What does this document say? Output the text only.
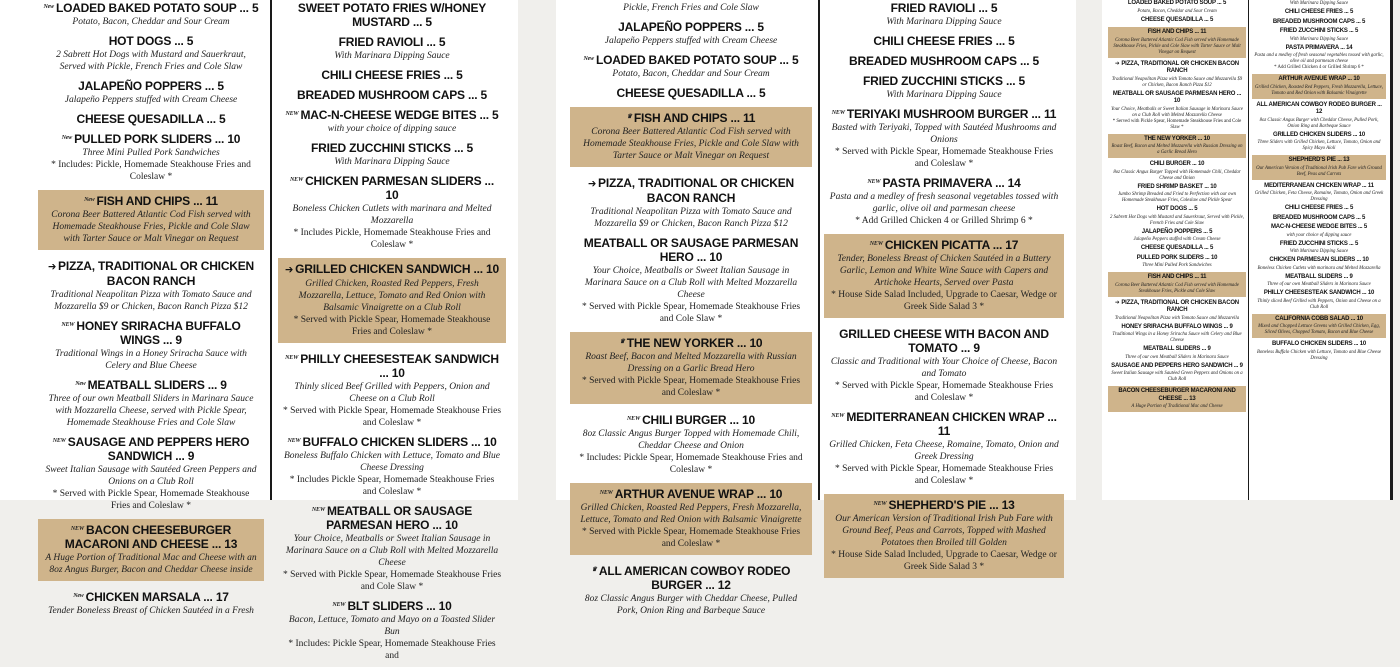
New LOADED BAKED POTATO SOUP ... 5
Potato, Bacon, Cheddar and Sour Cream
HOT DOGS ... 5
2 Sabrett Hot Dogs with Mustard and Sauerkraut, Served with Pickle, French Fries and Cole Slaw
JALAPEÑO POPPERS ... 5
Jalapeño Peppers stuffed with Cream Cheese
CHEESE QUESADILLA ... 5
New PULLED PORK SLIDERS ... 10
Three Mini Pulled Pork Sandwiches
* Includes: Pickle, Homemade Steakhouse Fries and Coleslaw *
New FISH AND CHIPS ... 11
Corona Beer Battered Atlantic Cod Fish served with Homemade Steakhouse Fries, Pickle and Cole Slaw with Tarter Sauce or Malt Vinegar on Request
➔ PIZZA, TRADITIONAL OR CHICKEN BACON RANCH
Traditional Neapolitan Pizza with Tomato Sauce and Mozzarella $9 or Chicken, Bacon Ranch Pizza $12
NEW HONEY SRIRACHA BUFFALO WINGS ... 9
Traditional Wings in a Honey Sriracha Sauce with Celery and Blue Cheese
New MEATBALL SLIDERS ... 9
Three of our own Meatball Sliders in Marinara Sauce with Mozzarella Cheese, served with Pickle Spear, Homemade Steakhouse Fries and Cole Slaw
NEW SAUSAGE AND PEPPERS HERO SANDWICH ... 9
Sweet Italian Sausage with Sautéed Green Peppers and Onions on a Club Roll
* Served with Pickle Spear, Homemade Steakhouse Fries and Coleslaw *
NEW BACON CHEESEBURGER MACARONI AND CHEESE ... 13
A Huge Portion of Traditional Mac and Cheese with an 8oz Angus Burger, Bacon and Cheddar Cheese inside
New CHICKEN MARSALA ... 17
Tender Boneless Breast of Chicken Sautéed in a Fresh
SWEET POTATO FRIES W/HONEY MUSTARD ... 5
FRIED RAVIOLI ... 5
With Marinara Dipping Sauce
CHILI CHEESE FRIES ... 5
BREADED MUSHROOM CAPS ... 5
NEW MAC-N-CHEESE WEDGE BITES ... 5
with your choice of dipping sauce
FRIED ZUCCHINI STICKS ... 5
With Marinara Dipping Sauce
NEW CHICKEN PARMESAN SLIDERS ... 10
Boneless Chicken Cutlets with marinara and Melted Mozzarella
* Includes Pickle, Homemade Steakhouse Fries and Coleslaw *
➔ GRILLED CHICKEN SANDWICH ... 10
Grilled Chicken, Roasted Red Peppers, Fresh Mozzarella, Lettuce, Tomato and Red Onion with Balsamic Vinaigrette on a Club Roll
* Served with Pickle Spear, Homemade Steakhouse Fries and Coleslaw *
NEW PHILLY CHEESESTEAK SANDWICH ... 10
Thinly sliced Beef Grilled with Peppers, Onion and Cheese on a Club Roll
* Served with Pickle Spear, Homemade Steakhouse Fries and Coleslaw *
NEW BUFFALO CHICKEN SLIDERS ... 10
Boneless Buffalo Chicken with Lettuce, Tomato and Blue Cheese Dressing
* Includes Pickle Spear, Homemade Steakhouse Fries and Coleslaw *
NEW MEATBALL OR SAUSAGE PARMESAN HERO ... 10
Your Choice, Meatballs or Sweet Italian Sausage in Marinara Sauce on a Club Roll with Melted Mozzarella Cheese
* Served with Pickle Spear, Homemade Steakhouse Fries and Cole Slaw *
NEW BLT SLIDERS ... 10
Bacon, Lettuce, Tomato and Mayo on a Toasted Slider Bun
* Includes: Pickle Spear, Homemade Steakhouse Fries and
Pickle, French Fries and Cole Slaw
JALAPEÑO POPPERS ... 5
Jalapeño Peppers stuffed with Cream Cheese
New LOADED BAKED POTATO SOUP ... 5
Potato, Bacon, Cheddar and Sour Cream
CHEESE QUESADILLA ... 5
♛ FISH AND CHIPS ... 11
Corona Beer Battered Atlantic Cod Fish served with Homemade Steakhouse Fries, Pickle and Cole Slaw with Tarter Sauce or Malt Vinegar on Request
➔ PIZZA, TRADITIONAL OR CHICKEN BACON RANCH
Traditional Neapolitan Pizza with Tomato Sauce and Mozzarella $9 or Chicken, Bacon Ranch Pizza $12
MEATBALL OR SAUSAGE PARMESAN HERO ... 10
Your Choice, Meatballs or Sweet Italian Sausage in Marinara Sauce on a Club Roll with Melted Mozzarella Cheese
* Served with Pickle Spear, Homemade Steakhouse Fries and Cole Slaw *
♛ THE NEW YORKER ... 10
Roast Beef, Bacon and Melted Mozzarella with Russian Dressing on a Garlic Bread Hero
* Served with Pickle Spear, Homemade Steakhouse Fries and Coleslaw *
NEW CHILI BURGER ... 10
8oz Classic Angus Burger Topped with Homemade Chili, Cheddar Cheese and Onion
* Includes: Pickle Spear, Homemade Steakhouse Fries and Coleslaw *
NEW ARTHUR AVENUE WRAP ... 10
Grilled Chicken, Roasted Red Peppers, Fresh Mozzarella, Lettuce, Tomato and Red Onion with Balsamic Vinaigrette
* Served with Pickle Spear, Homemade Steakhouse Fries and Coleslaw *
♛ ALL AMERICAN COWBOY RODEO BURGER ... 12
8oz Classic Angus Burger with Cheddar Cheese, Pulled Pork, Onion Ring and Barbeque Sauce
FRIED RAVIOLI ... 5
With Marinara Dipping Sauce
CHILI CHEESE FRIES ... 5
BREADED MUSHROOM CAPS ... 5
FRIED ZUCCHINI STICKS ... 5
With Marinara Dipping Sauce
NEW TERIYAKI MUSHROOM BURGER ... 11
Basted with Teriyaki, Topped with Sautéed Mushrooms and Onions
* Served with Pickle Spear, Homemade Steakhouse Fries and Coleslaw *
NEW PASTA PRIMAVERA ... 14
Pasta and a medley of fresh seasonal vegetables tossed with garlic, olive oil and parmesan cheese
* Add Grilled Chicken 4 or Grilled Shrimp 6 *
NEW CHICKEN PICATTA ... 17
Tender, Boneless Breast of Chicken Sautéed in a Buttery Garlic, Lemon and White Wine Sauce with Capers and Artichoke Hearts, Served over Pasta
* House Side Salad Included, Upgrade to Caesar, Wedge or Greek Side Salad 3 *
GRILLED CHEESE WITH BACON AND TOMATO ... 9
Classic and Traditional with Your Choice of Cheese, Bacon and Tomato
* Served with Pickle Spear, Homemade Steakhouse Fries and Coleslaw *
NEW MEDITERRANEAN CHICKEN WRAP ... 11
Grilled Chicken, Feta Cheese, Romaine, Tomato, Onion and Greek Dressing
* Served with Pickle Spear, Homemade Steakhouse Fries and Coleslaw *
NEW SHEPHERD'S PIE ... 13
Our American Version of Traditional Irish Pub Fare with Ground Beef, Peas and Carrots, Topped with Mashed Potatoes then Broiled till Golden
* House Side Salad Included, Upgrade to Caesar, Wedge or Greek Side Salad 3 *
LOADED BAKED POTATO SOUP ... 5
Potato, Bacon, Cheddar and Sour Cream
CHEESE QUESADILLA ... 5
FISH AND CHIPS ... 11
Corona Beer Battered Atlantic Cod Fish served with Homemade Steakhouse Fries, Pickle and Cole Slaw with Tarter Sauce or Malt Vinegar on Request
➔ PIZZA, TRADITIONAL OR CHICKEN BACON RANCH
Traditional Neapolitan Pizza with Tomato Sauce and Mozzarella $9 or Chicken, Bacon Ranch Pizza $12
MEATBALL OR SAUSAGE PARMESAN HERO ... 10
Your Choice, Meatballs or Sweet Italian Sausage in Marinara Sauce on a Club Roll with Melted Mozzarella Cheese
* Served with Pickle Spear, Homemade Steakhouse Fries and Cole Slaw *
THE NEW YORKER ... 10
Roast Beef, Bacon and Melted Mozzarella with Russian Dressing on a Garlic Bread Hero
CHILI BURGER ... 10
8oz Classic Angus Burger Topped with Homemade Chili, Cheddar Cheese and Onion
FRIED SHRIMP BASKET ... 10
Jumbo Shrimp Breaded and Fried to Perfection with our own Homemade Steakhouse Fries, Coleslaw and Pickle Spear
HOT DOGS ... 5
2 Sabrett Hot Dogs with Mustard and Sauerkraut, Served with Pickle, French Fries and Cole Slaw
JALAPEÑO POPPERS ... 5
Jalapeño Peppers stuffed with Cream Cheese
CHEESE QUESADILLA ... 5
PULLED PORK SLIDERS ... 10
Three Mini Pulled Pork Sandwiches
FISH AND CHIPS ... 11
Corona Beer Battered Atlantic Cod Fish served with Homemade Steakhouse Fries, Pickle and Cole Slaw
➔ PIZZA, TRADITIONAL OR CHICKEN BACON RANCH
Traditional Neapolitan Pizza with Tomato Sauce and Mozzarella
HONEY SRIRACHA BUFFALO WINGS ... 9
Traditional Wings in a Honey Sriracha Sauce with Celery and Blue Cheese
MEATBALL SLIDERS ... 9
Three of our own Meatball Sliders in Marinara Sauce
SAUSAGE AND PEPPERS HERO SANDWICH ... 9
Sweet Italian Sausage with Sautéed Green Peppers and Onions on a Club Roll
BACON CHEESEBURGER MACARONI AND CHEESE ... 13
A Huge Portion of Traditional Mac and Cheese
With Marinara Dipping Sauce
CHILI CHEESE FRIES ... 5
BREADED MUSHROOM CAPS ... 5
FRIED ZUCCHINI STICKS ... 5
With Marinara Dipping Sauce
PASTA PRIMAVERA ... 14
Pasta and a medley of fresh seasonal vegetables tossed with garlic, olive oil and parmesan cheese
* Add Grilled Chicken 4 or Grilled Shrimp 6 *
ARTHUR AVENUE WRAP ... 10
Grilled Chicken, Roasted Red Peppers, Fresh Mozzarella, Lettuce, Tomato and Red Onion with Balsamic Vinaigrette
ALL AMERICAN COWBOY RODEO BURGER ... 12
8oz Classic Angus Burger with Cheddar Cheese, Pulled Pork, Onion Ring and Barbeque Sauce
GRILLED CHICKEN SLIDERS ... 10
Three Sliders with Grilled Chicken, Lettuce, Tomato, Onion and Spicy Mayo Aioli
SHEPHERD'S PIE ... 13
Our American Version of Traditional Irish Pub Fare with Ground Beef, Peas and Carrots
MEDITERRANEAN CHICKEN WRAP ... 11
Grilled Chicken, Feta Cheese, Romaine, Tomato, Onion and Greek Dressing
CHILI CHEESE FRIES ... 5
BREADED MUSHROOM CAPS ... 5
MAC-N-CHEESE WEDGE BITES ... 5
with your choice of dipping sauce
FRIED ZUCCHINI STICKS ... 5
With Marinara Dipping Sauce
CHICKEN PARMESAN SLIDERS ... 10
Boneless Chicken Cutlets with marinara and Melted Mozzarella
MEATBALL SLIDERS ... 9
Three of our own Meatball Sliders in Marinara Sauce
PHILLY CHEESESTEAK SANDWICH ... 10
Thinly sliced Beef Grilled with Peppers, Onion and Cheese on a Club Roll
CALIFORNIA COBB SALAD ... 10
Mixed and Chopped Lettuce Greens with Grilled Chicken, Egg, Sliced Olives, Chopped Tomato, Bacon and Blue Cheese
BUFFALO CHICKEN SLIDERS ... 10
Boneless Buffalo Chicken with Lettuce, Tomato and Blue Cheese Dressing
